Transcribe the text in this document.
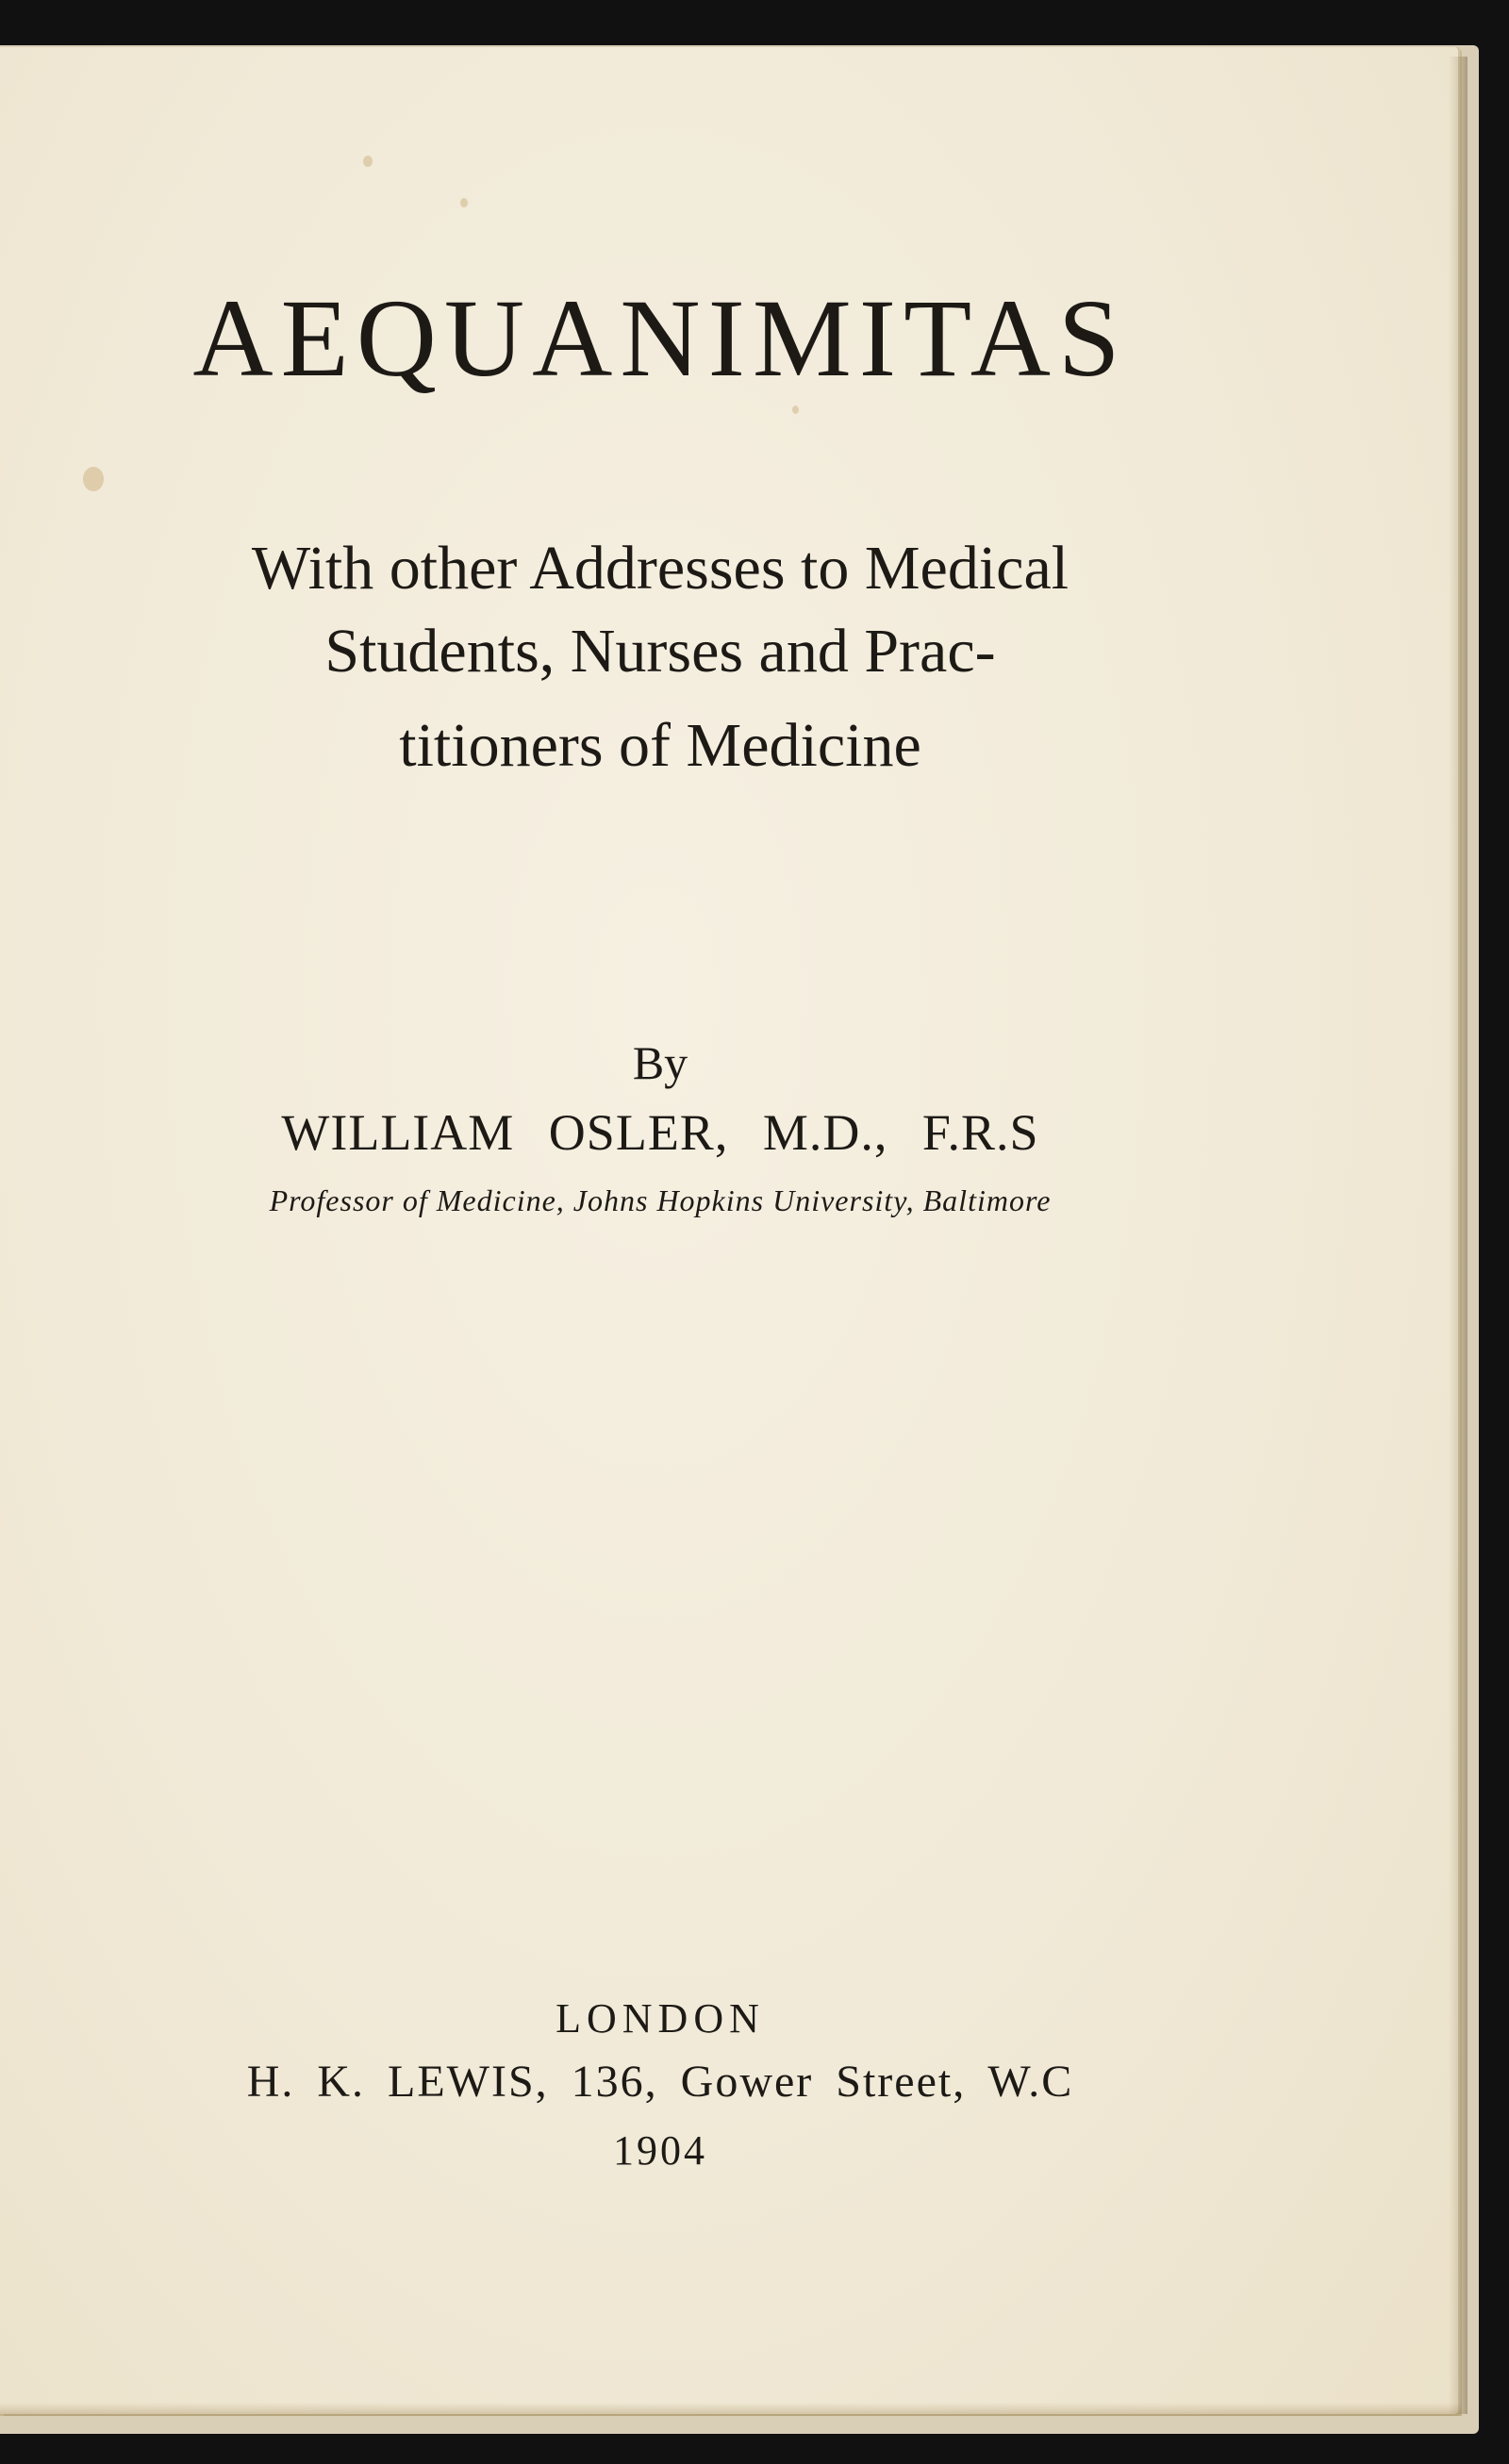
AEQUANIMITAS
With other Addresses to Medical
Students, Nurses and Prac-
titioners of Medicine
By
WILLIAM OSLER, M.D., F.R.S
Professor of Medicine, Johns Hopkins University, Baltimore
LONDON
H. K. LEWIS, 136, Gower Street, W.C
1904
